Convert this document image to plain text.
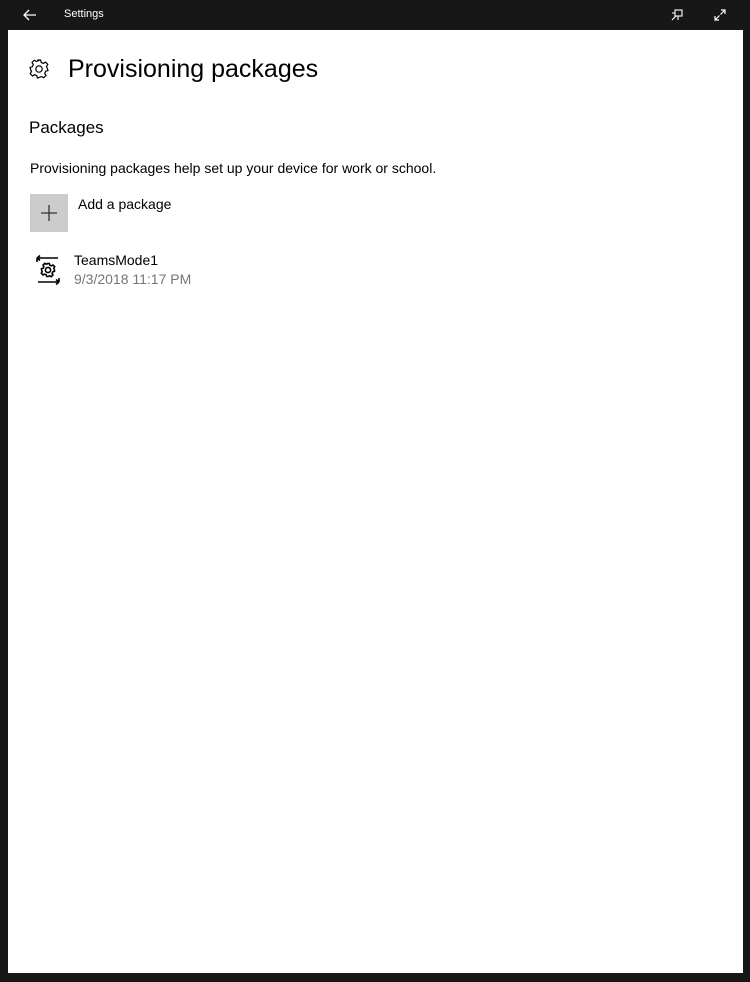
Settings
Provisioning packages
Packages
Provisioning packages help set up your device for work or school.
Add a package
TeamsMode1
9/3/2018 11:17 PM
